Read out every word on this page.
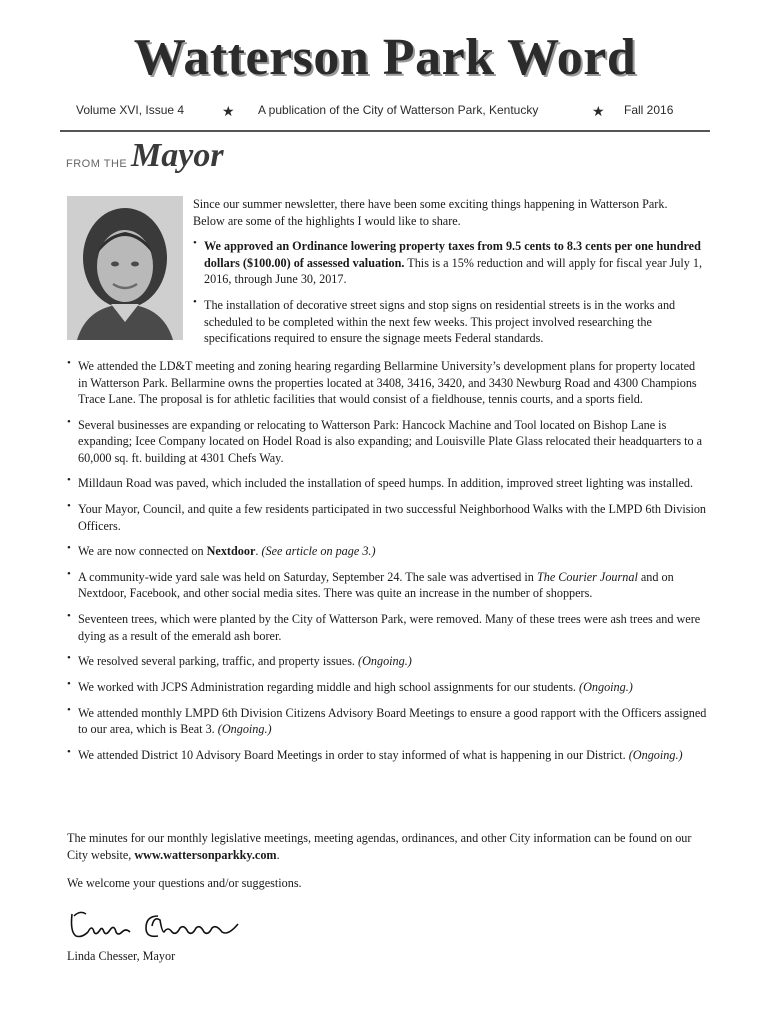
Watterson Park Word
Volume XVI, Issue 4	★ A publication of the City of Watterson Park, Kentucky	★ Fall 2016
FROM THE Mayor

Since our summer newsletter, there have been some exciting things happening in Watterson Park. Below are some of the highlights I would like to share.

• We approved an Ordinance lowering property taxes from 9.5 cents to 8.3 cents per one hundred dollars ($100.00) of assessed valuation. This is a 15% reduction and will apply for fiscal year July 1, 2016, through June 30, 2017.
• The installation of decorative street signs and stop signs on residential streets is in the works and scheduled to be completed within the next few weeks. This project involved researching the specifications required to ensure the signage meets Federal standards.
• We attended the LD&T meeting and zoning hearing regarding Bellarmine University’s development plans for property located in Watterson Park. Bellarmine owns the properties located at 3408, 3416, 3420, and 3430 Newburg Road and 4300 Champions Trace Lane. The proposal is for athletic facilities that would consist of a fieldhouse, tennis courts, and a sports field.
• Several businesses are expanding or relocating to Watterson Park: Hancock Machine and Tool located on Bishop Lane is expanding; Icee Company located on Hodel Road is also expanding; and Louisville Plate Glass relocated their headquarters to a 60,000 sq. ft. building at 4301 Chefs Way.
• Milldaun Road was paved, which included the installation of speed humps. In addition, improved street lighting was installed.
• Your Mayor, Council, and quite a few residents participated in two successful Neighborhood Walks with the LMPD 6th Division Officers.
• We are now connected on Nextdoor. (See article on page 3.)
• A community-wide yard sale was held on Saturday, September 24. The sale was advertised in The Courier Journal and on Nextdoor, Facebook, and other social media sites. There was quite an increase in the number of shoppers.
• Seventeen trees, which were planted by the City of Watterson Park, were removed. Many of these trees were ash trees and were dying as a result of the emerald ash borer.
• We resolved several parking, traffic, and property issues. (Ongoing.)
• We worked with JCPS Administration regarding middle and high school assignments for our students. (Ongoing.)
• We attended monthly LMPD 6th Division Citizens Advisory Board Meetings to ensure a good rapport with the Officers assigned to our area, which is Beat 3. (Ongoing.)
• We attended District 10 Advisory Board Meetings in order to stay informed of what is happening in our District. (Ongoing.)
The minutes for our monthly legislative meetings, meeting agendas, ordinances, and other City information can be found on our City website, www.wattersonparkky.com.
We welcome your questions and/or suggestions.
Linda Chesser, Mayor
